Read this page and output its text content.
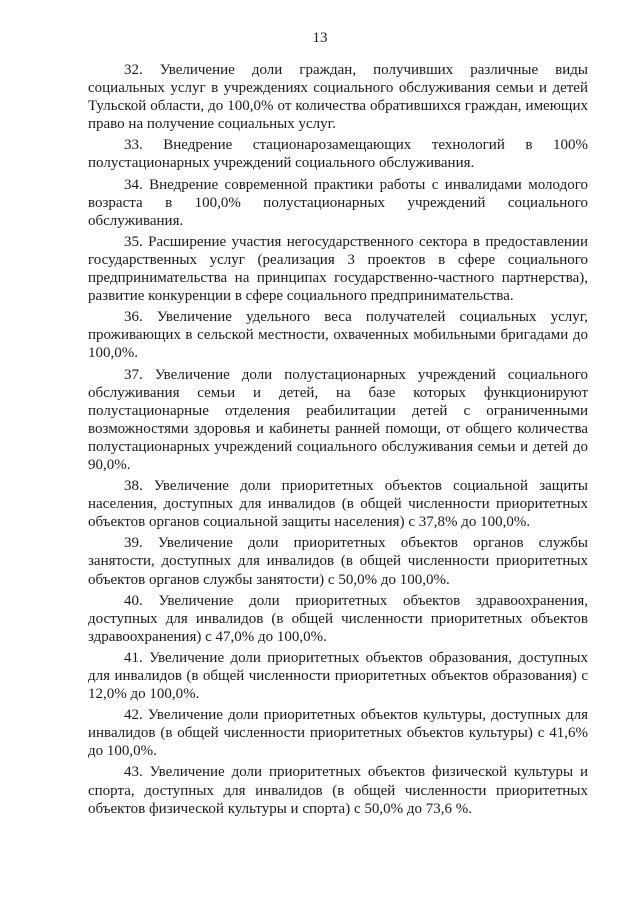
13

32. Увеличение доли граждан, получивших различные виды социальных услуг в учреждениях социального обслуживания семьи и детей Тульской области, до 100,0% от количества обратившихся граждан, имеющих право на получение социальных услуг.

33. Внедрение стационарозамещающих технологий в 100% полустационарных учреждений социального обслуживания.

34. Внедрение современной практики работы с инвалидами молодого возраста в 100,0% полустационарных учреждений социального обслуживания.

35. Расширение участия негосударственного сектора в предоставлении государственных услуг (реализация 3 проектов в сфере социального предпринимательства на принципах государственно-частного партнерства), развитие конкуренции в сфере социального предпринимательства.

36. Увеличение удельного веса получателей социальных услуг, проживающих в сельской местности, охваченных мобильными бригадами до 100,0%.

37. Увеличение доли полустационарных учреждений социального обслуживания семьи и детей, на базе которых функционируют полустационарные отделения реабилитации детей с ограниченными возможностями здоровья и кабинеты ранней помощи, от общего количества полустационарных учреждений социального обслуживания семьи и детей до 90,0%.

38. Увеличение доли приоритетных объектов социальной защиты населения, доступных для инвалидов (в общей численности приоритетных объектов органов социальной защиты населения) с 37,8% до 100,0%.

39. Увеличение доли приоритетных объектов органов службы занятости, доступных для инвалидов (в общей численности приоритетных объектов органов службы занятости) с 50,0% до 100,0%.

40. Увеличение доли приоритетных объектов здравоохранения, доступных для инвалидов (в общей численности приоритетных объектов здравоохранения) с 47,0% до 100,0%.

41. Увеличение доли приоритетных объектов образования, доступных для инвалидов (в общей численности приоритетных объектов образования) с 12,0% до 100,0%.

42. Увеличение доли приоритетных объектов культуры, доступных для инвалидов (в общей численности приоритетных объектов культуры) с 41,6% до 100,0%.

43. Увеличение доли приоритетных объектов физической культуры и спорта, доступных для инвалидов (в общей численности приоритетных объектов физической культуры и спорта) с 50,0% до 73,6 %.
